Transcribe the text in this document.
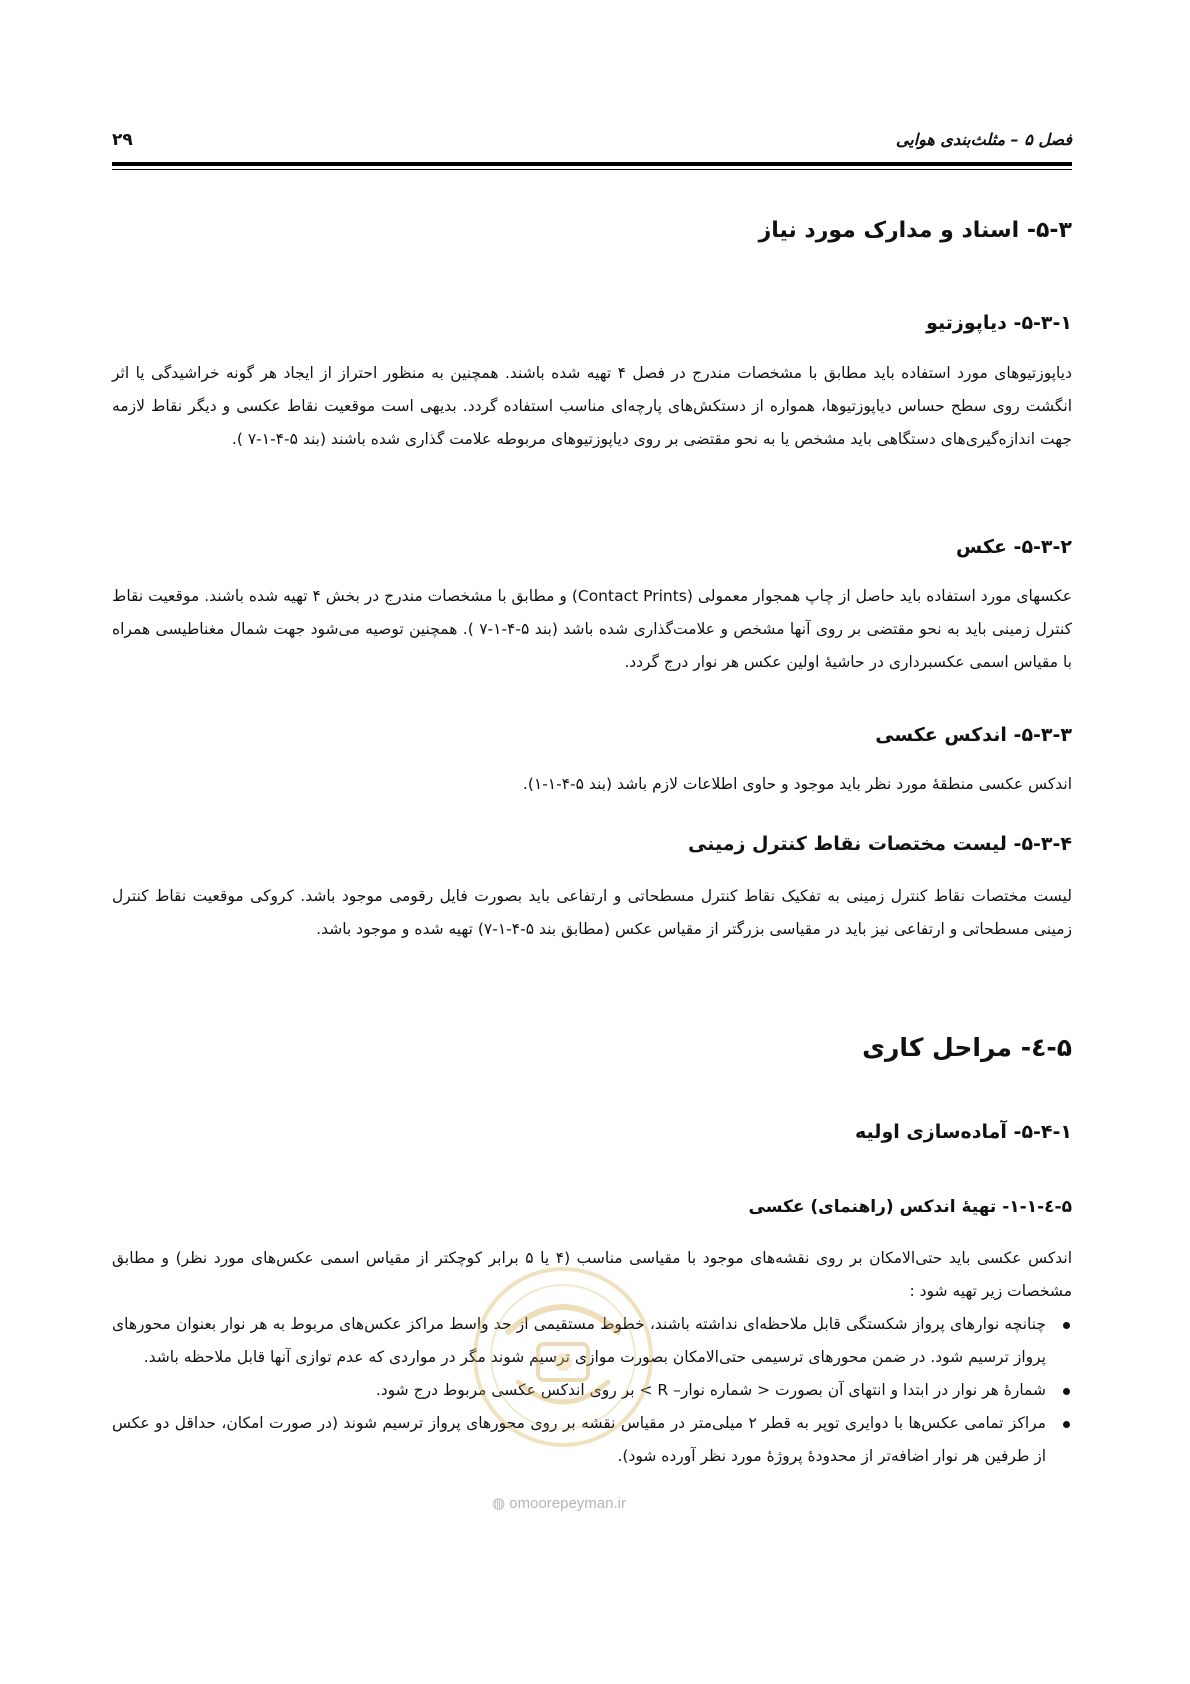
فصل ۵ – مثلث‌بندی هوایی
۲۹
۵-۳- اسناد و مدارک مورد نیاز
۵-۳-۱- دیاپوزتیو

دیاپوزتیوهای مورد استفاده باید مطابق با مشخصات مندرج در فصل ۴ تهیه شده باشند. همچنین به منظور احتراز از ایجاد هر گونه خراشیدگی یا اثر انگشت روی سطح حساس دیاپوزتیوها، همواره از دستکش‌های پارچه‌ای مناسب استفاده گردد. بدیهی است موقعیت نقاط عکسی و دیگر نقاط لازمه جهت اندازه‌گیری‌های دستگاهی باید مشخص یا به نحو مقتضی بر روی دیاپوزتیوهای مربوطه علامت گذاری شده باشند (بند ۵-۴-۱-۷ ).

۵-۳-۲- عکس

عکسهای مورد استفاده باید حاصل از چاپ همجوار معمولی (Contact Prints) و مطابق با مشخصات مندرج در بخش ۴ تهیه شده باشند. موقعیت نقاط کنترل زمینی باید به نحو مقتضی بر روی آنها مشخص و علامت‌گذاری شده باشد (بند ۵-۴-۱-۷ ). همچنین توصیه می‌شود جهت شمال مغناطیسی همراه با مقیاس اسمی عکسبرداری در حاشیهٔ اولین عکس هر نوار درج گردد.

۵-۳-۳- اندکس عکسی

اندکس عکسی منطقهٔ مورد نظر باید موجود و حاوی اطلاعات لازم باشد (بند ۵-۴-۱-۱).

۵-۳-۴- لیست مختصات نقاط کنترل زمینی

لیست مختصات نقاط کنترل زمینی به تفکیک نقاط کنترل مسطحاتی و ارتفاعی باید بصورت فایل رقومی موجود باشد. کروکی موقعیت نقاط کنترل زمینی مسطحاتی و ارتفاعی نیز باید در مقیاسی بزرگتر از مقیاس عکس (مطابق بند ۵-۴-۱-۷) تهیه شده و موجود باشد.

۵-٤- مراحل کاری
۵-۴-۱- آماده‌سازی اولیه
۵-٤-۱-۱- تهیهٔ اندکس (راهنمای) عکسی

اندکس عکسی باید حتی‌الامکان بر روی نقشه‌های موجود با مقیاسی مناسب (۴ یا ۵ برابر کوچکتر از مقیاس اسمی عکس‌های مورد نظر) و مطابق مشخصات زیر تهیه شود :

چنانچه نوارهای پرواز شکستگی قابل ملاحظه‌ای نداشته باشند، خطوط مستقیمی از حد واسط مراکز عکس‌های مربوط به هر نوار بعنوان محورهای پرواز ترسیم شود. در ضمن محورهای ترسیمی حتی‌الامکان بصورت موازی ترسیم شوند مگر در مواردی که عدم توازی آنها قابل ملاحظه باشد.
شمارهٔ هر نوار در ابتدا و انتهای آن بصورت < شماره نوار– R > بر روی اندکس عکسی مربوط درج شود.
مراکز تمامی عکس‌ها با دوایری توپر به قطر ۲ میلی‌متر در مقیاس نقشه بر روی محورهای پرواز ترسیم شوند (در صورت امکان، حداقل دو عکس از طرفین هر نوار اضافه‌تر از محدودهٔ پروژهٔ مورد نظر آورده شود).
◍ omoorepeyman.ir
